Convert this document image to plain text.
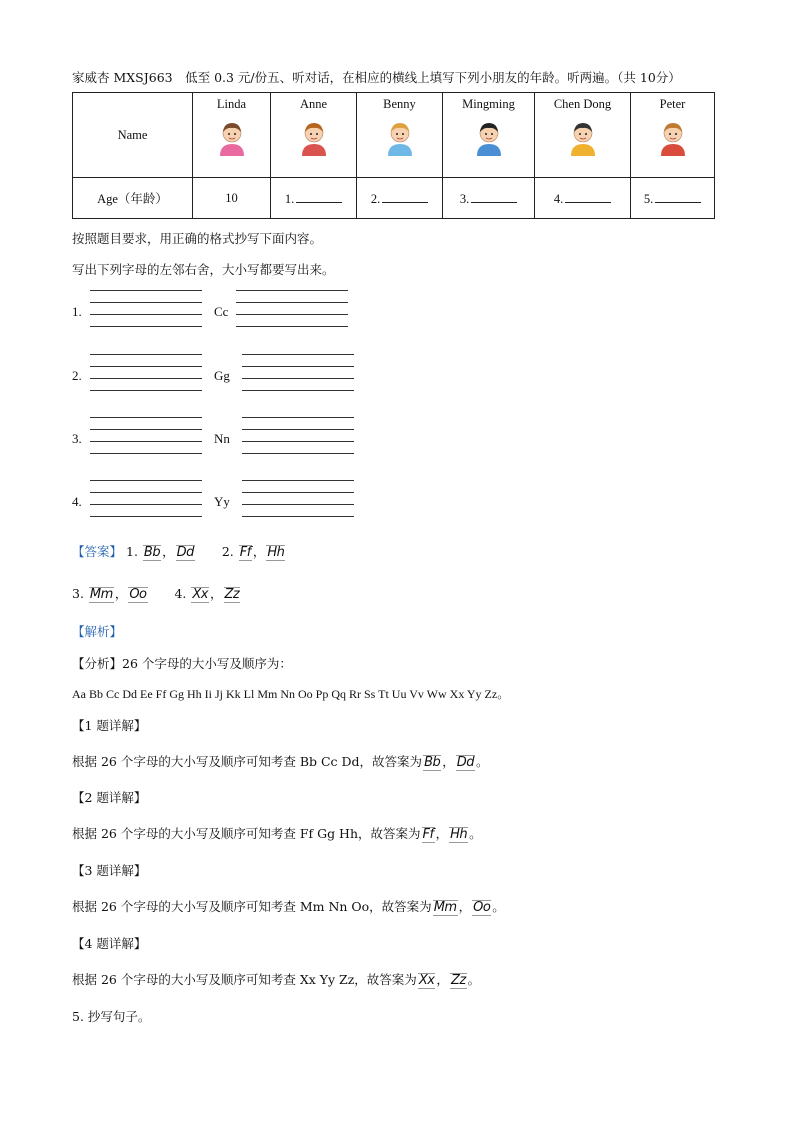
家威杏 MXSJ663　低至 0.3 元/份五、听对话，在相应的横线上填写下列小朋友的年龄。听两遍。（共 10分）
Name	Linda	Anne	Benny	Mingming	Chen Dong	Peter

Age（年龄）	10	1.	2.	3.	4.	5.
按照题目要求，用正确的格式抄写下面内容。
写出下列字母的左邻右舍，大小写都要写出来。
1.	Cc
2.	Gg
3.	Nn
4.	Yy
【答案】 1. Bb ， Dd 2. Ff ， Hh
3. Mm ， Oo 4. Xx ， Zz
【解析】
【分析】26 个字母的大小写及顺序为：
Aa Bb Cc Dd Ee Ff Gg Hh Ii Jj Kk Ll Mm Nn Oo Pp Qq Rr Ss Tt Uu Vv Ww Xx Yy Zz。
【1 题详解】
根据 26 个字母的大小写及顺序可知考查 Bb Cc Dd，故答案为 Bb ， Dd 。
【2 题详解】
根据 26 个字母的大小写及顺序可知考查 Ff Gg Hh，故答案为 Ff ， Hh 。
【3 题详解】
根据 26 个字母的大小写及顺序可知考查 Mm Nn Oo，故答案为 Mm ， Oo 。
【4 题详解】
根据 26 个字母的大小写及顺序可知考查 Xx Yy Zz，故答案为 Xx ， Zz 。
5. 抄写句子。
